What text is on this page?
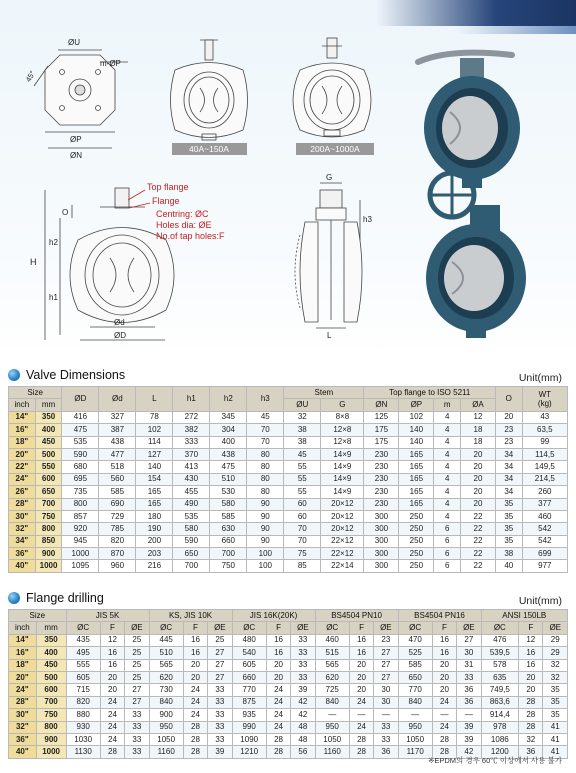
ØU
m-ØP
ØP
ØN
45°
40A~150A	200A~1000A
Top flange
Flange
Centring: ØC
Holes dia: ØE
No.of tap holes:F
H
h2
h1
O
Ød
ØD
G
L
h3
Valve Dimensions	Unit(mm)
Size		ØD	Ød	L	h1	h2	h3	Stem		Top flange to ISO 5211				O	WT
(kg)
inch	mm							ØU	G	ØN	ØP	m	ØA		
14"	350	416	327	78	272	345	45	32	8×8	125	102	4	12	20	43
16"	400	475	387	102	382	304	70	38	12×8	175	140	4	18	23	63,5
18"	450	535	438	114	333	400	70	38	12×8	175	140	4	18	23	99
20"	500	590	477	127	370	438	80	45	14×9	230	165	4	20	34	114,5
22"	550	680	518	140	413	475	80	55	14×9	230	165	4	20	34	149,5
24"	600	695	560	154	430	510	80	55	14×9	230	165	4	20	34	214,5
26"	650	735	585	165	455	530	80	55	14×9	230	165	4	20	34	260
28"	700	800	690	165	490	580	90	60	20×12	230	165	4	20	35	377
30"	750	857	729	180	535	585	90	60	20×12	300	250	4	22	35	460
32"	800	920	785	190	580	630	90	70	20×12	300	250	6	22	35	542
34"	850	945	820	200	590	660	90	70	22×12	300	250	6	22	35	542
36"	900	1000	870	203	650	700	100	75	22×12	300	250	6	22	38	699
40"	1000	1095	960	216	700	750	100	85	22×14	300	250	6	22	40	977
Flange drilling	Unit(mm)
Size		JIS 5K			KS, JIS 10K			JIS 16K(20K)			BS4504 PN10			BS4504 PN16			ANSI 150LB		
inch	mm	ØC	F	ØE	ØC	F	ØE	ØC	F	ØE	ØC	F	ØE	ØC	F	ØE	ØC	F	ØE
14"	350	435	12	25	445	16	25	480	16	33	460	16	23	470	16	27	476	12	29
16"	400	495	16	25	510	16	27	540	16	33	515	16	27	525	16	30	539,5	16	29
18"	450	555	16	25	565	20	27	605	20	33	565	20	27	585	20	31	578	16	32
20"	500	605	20	25	620	20	27	660	20	33	620	20	27	650	20	33	635	20	32
24"	600	715	20	27	730	24	33	770	24	39	725	20	30	770	20	36	749,5	20	35
28"	700	820	24	27	840	24	33	875	24	42	840	24	30	840	24	36	863,6	28	35
30"	750	880	24	33	900	24	33	935	24	42	—	—	—	—	—	—	914,4	28	35
32"	800	930	24	33	950	28	33	990	24	48	950	24	33	950	24	39	978	28	41
36"	900	1030	24	33	1050	28	33	1090	28	48	1050	28	33	1050	28	39	1086	32	41
40"	1000	1130	28	33	1160	28	39	1210	28	56	1160	28	36	1170	28	42	1200	36	41
※EPDM의 경우 60℃ 이상에서 사용 불가
